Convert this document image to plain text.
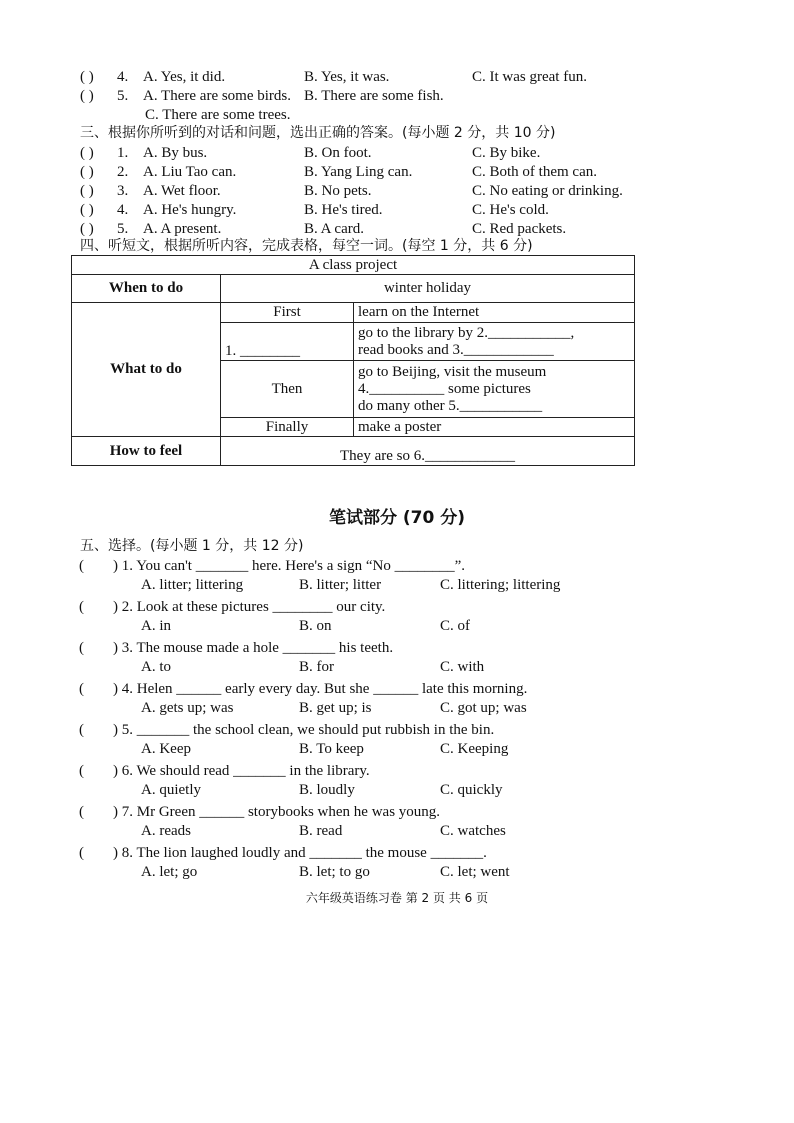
( ) 4. A. Yes, it did.	B. Yes, it was.	C. It was great fun.
( ) 5. A. There are some birds. B. There are some fish.
C. There are some trees.
三、根据你所听到的对话和问题，选出正确的答案。(每小题 2 分，共 10 分)
( ) 1. A. By bus.	B. On foot.	C. By bike.
( ) 2. A. Liu Tao can.	B. Yang Ling can.	C. Both of them can.
( ) 3. A. Wet floor.	B. No pets.	C. No eating or drinking.
( ) 4. A. He's hungry.	B. He's tired.	C. He's cold.
( ) 5. A. A present.	B. A card.	C. Red packets.
四、听短文，根据所听内容，完成表格，每空一词。(每空 1 分，共 6 分)
A class project		
When to do	winter holiday	
What to do	First	learn on the Internet
	1. ________	go to the library by 2.___________,
read books and 3.____________

	Then	go to Beijing, visit the museum
4.__________ some pictures
do many other 5.___________

	Finally	make a poster
How to feel	They are so 6.____________	
笔试部分 (70 分)
五、选择。(每小题 1 分，共 12 分)
( ) 1. You can't _______ here. Here's a sign “No ________”.
A. litter; littering	B. litter; litter	C. littering; littering
( ) 2. Look at these pictures ________ our city.
A. in	B. on	C. of
( ) 3. The mouse made a hole _______ his teeth.
A. to	B. for	C. with
( ) 4. Helen ______ early every day. But she ______ late this morning.
A. gets up; was	B. get up; is	C. got up; was
( ) 5. _______ the school clean, we should put rubbish in the bin.
A. Keep	B. To keep	C. Keeping
( ) 6. We should read _______ in the library.
A. quietly	B. loudly	C. quickly
( ) 7. Mr Green ______ storybooks when he was young.
A. reads	B. read	C. watches
( ) 8. The lion laughed loudly and _______ the mouse _______.
A. let; go	B. let; to go	C. let; went
六年级英语练习卷 第 2 页 共 6 页
